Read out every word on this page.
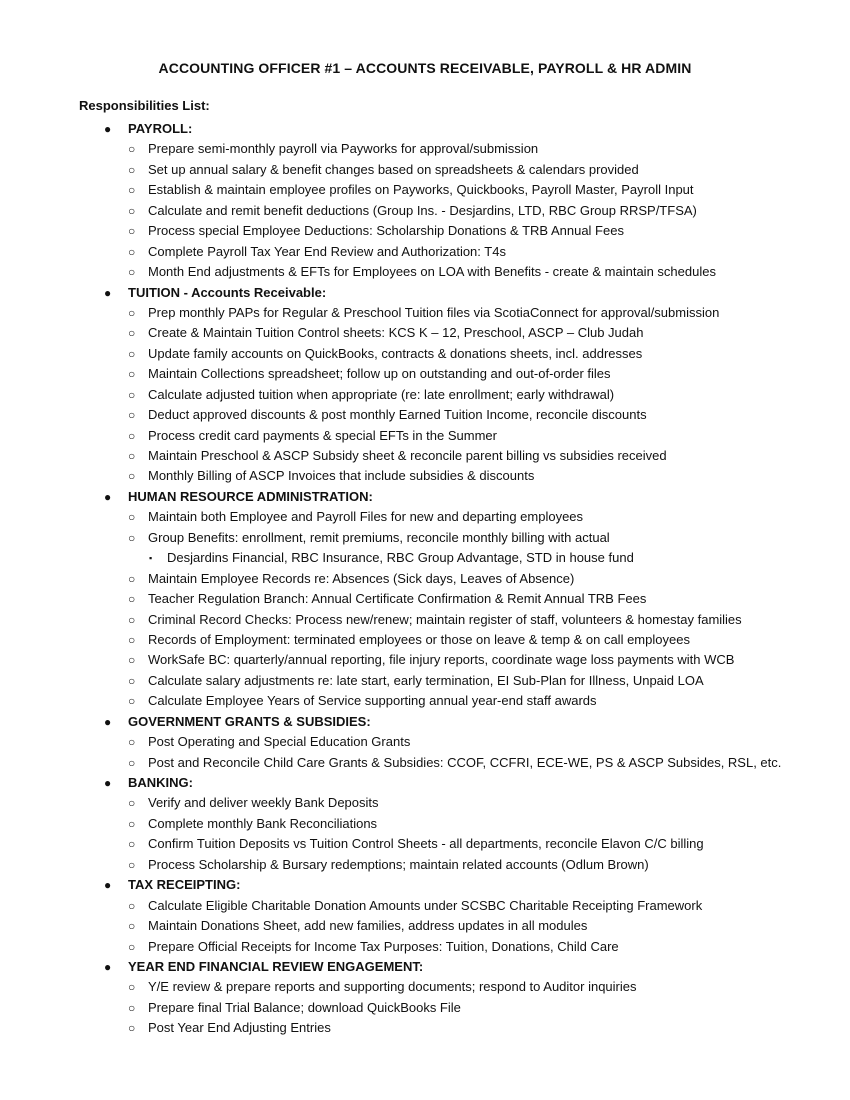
ACCOUNTING OFFICER #1 – ACCOUNTS RECEIVABLE, PAYROLL & HR ADMIN
Responsibilities List:
● PAYROLL:
○ Prepare semi-monthly payroll via Payworks for approval/submission
○ Set up annual salary & benefit changes based on spreadsheets & calendars provided
○ Establish & maintain employee profiles on Payworks, Quickbooks, Payroll Master, Payroll Input
○ Calculate and remit benefit deductions (Group Ins. - Desjardins, LTD, RBC Group RRSP/TFSA)
○ Process special Employee Deductions: Scholarship Donations & TRB Annual Fees
○ Complete Payroll Tax Year End Review and Authorization: T4s
○ Month End adjustments & EFTs for Employees on LOA with Benefits - create & maintain schedules
● TUITION - Accounts Receivable:
○ Prep monthly PAPs for Regular & Preschool Tuition files via ScotiaConnect for approval/submission
○ Create & Maintain Tuition Control sheets: KCS K – 12, Preschool, ASCP – Club Judah
○ Update family accounts on QuickBooks, contracts & donations sheets, incl. addresses
○ Maintain Collections spreadsheet; follow up on outstanding and out-of-order files
○ Calculate adjusted tuition when appropriate (re: late enrollment; early withdrawal)
○ Deduct approved discounts & post monthly Earned Tuition Income, reconcile discounts
○ Process credit card payments & special EFTs in the Summer
○ Maintain Preschool & ASCP Subsidy sheet & reconcile parent billing vs subsidies received
○ Monthly Billing of ASCP Invoices that include subsidies & discounts
● HUMAN RESOURCE ADMINISTRATION:
○ Maintain both Employee and Payroll Files for new and departing employees
○ Group Benefits: enrollment, remit premiums, reconcile monthly billing with actual
▪ Desjardins Financial, RBC Insurance, RBC Group Advantage, STD in house fund
○ Maintain Employee Records re: Absences (Sick days, Leaves of Absence)
○ Teacher Regulation Branch: Annual Certificate Confirmation & Remit Annual TRB Fees
○ Criminal Record Checks: Process new/renew; maintain register of staff, volunteers & homestay families
○ Records of Employment: terminated employees or those on leave & temp & on call employees
○ WorkSafe BC: quarterly/annual reporting, file injury reports, coordinate wage loss payments with WCB
○ Calculate salary adjustments re: late start, early termination, EI Sub-Plan for Illness, Unpaid LOA
○ Calculate Employee Years of Service supporting annual year-end staff awards
● GOVERNMENT GRANTS & SUBSIDIES:
○ Post Operating and Special Education Grants
○ Post and Reconcile Child Care Grants & Subsidies: CCOF, CCFRI, ECE-WE, PS & ASCP Subsides, RSL, etc.
● BANKING:
○ Verify and deliver weekly Bank Deposits
○ Complete monthly Bank Reconciliations
○ Confirm Tuition Deposits vs Tuition Control Sheets - all departments, reconcile Elavon C/C billing
○ Process Scholarship & Bursary redemptions; maintain related accounts (Odlum Brown)
● TAX RECEIPTING:
○ Calculate Eligible Charitable Donation Amounts under SCSBC Charitable Receipting Framework
○ Maintain Donations Sheet, add new families, address updates in all modules
○ Prepare Official Receipts for Income Tax Purposes: Tuition, Donations, Child Care
● YEAR END FINANCIAL REVIEW ENGAGEMENT:
○ Y/E review & prepare reports and supporting documents; respond to Auditor inquiries
○ Prepare final Trial Balance; download QuickBooks File
○ Post Year End Adjusting Entries
